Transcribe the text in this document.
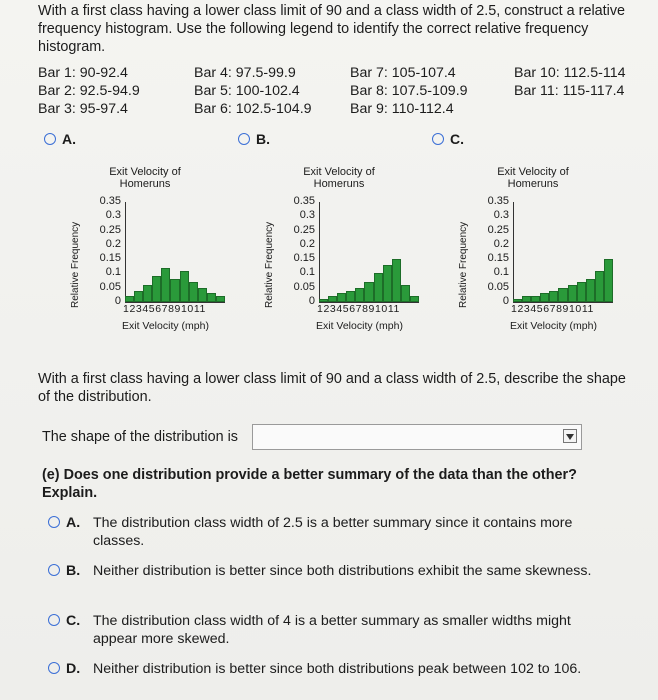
With a first class having a lower class limit of 90 and a class width of 2.5, construct a relative frequency histogram. Use the following legend to identify the correct relative frequency histogram.
Bar 1: 90-92.4
Bar 2: 92.5-94.9
Bar 3: 95-97.4
Bar 4: 97.5-99.9
Bar 5: 100-102.4
Bar 6: 102.5-104.9
Bar 7: 105-107.4
Bar 8: 107.5-109.9
Bar 9: 110-112.4
Bar 10: 112.5-114
Bar 11: 115-117.4
A.	B.	C.
Exit Velocity of
Homeruns
Relative Frequency
0.35
0.3
0.25
0.2
0.15
0.1
0.05
0
1234567891011
Exit Velocity (mph)
Exit Velocity of
Homeruns
Relative Frequency
0.35
0.3
0.25
0.2
0.15
0.1
0.05
0
1234567891011
Exit Velocity (mph)
Exit Velocity of
Homeruns
Relative Frequency
0.35
0.3
0.25
0.2
0.15
0.1
0.05
0
1234567891011
Exit Velocity (mph)
With a first class having a lower class limit of 90 and a class width of 2.5, describe the shape of the distribution.
The shape of the distribution is
(e) Does one distribution provide a better summary of the data than the other? Explain.
A. The distribution class width of 2.5 is a better summary since it contains more classes.
B. Neither distribution is better since both distributions exhibit the same skewness.
C. The distribution class width of 4 is a better summary as smaller widths might appear more skewed.
D. Neither distribution is better since both distributions peak between 102 to 106.
